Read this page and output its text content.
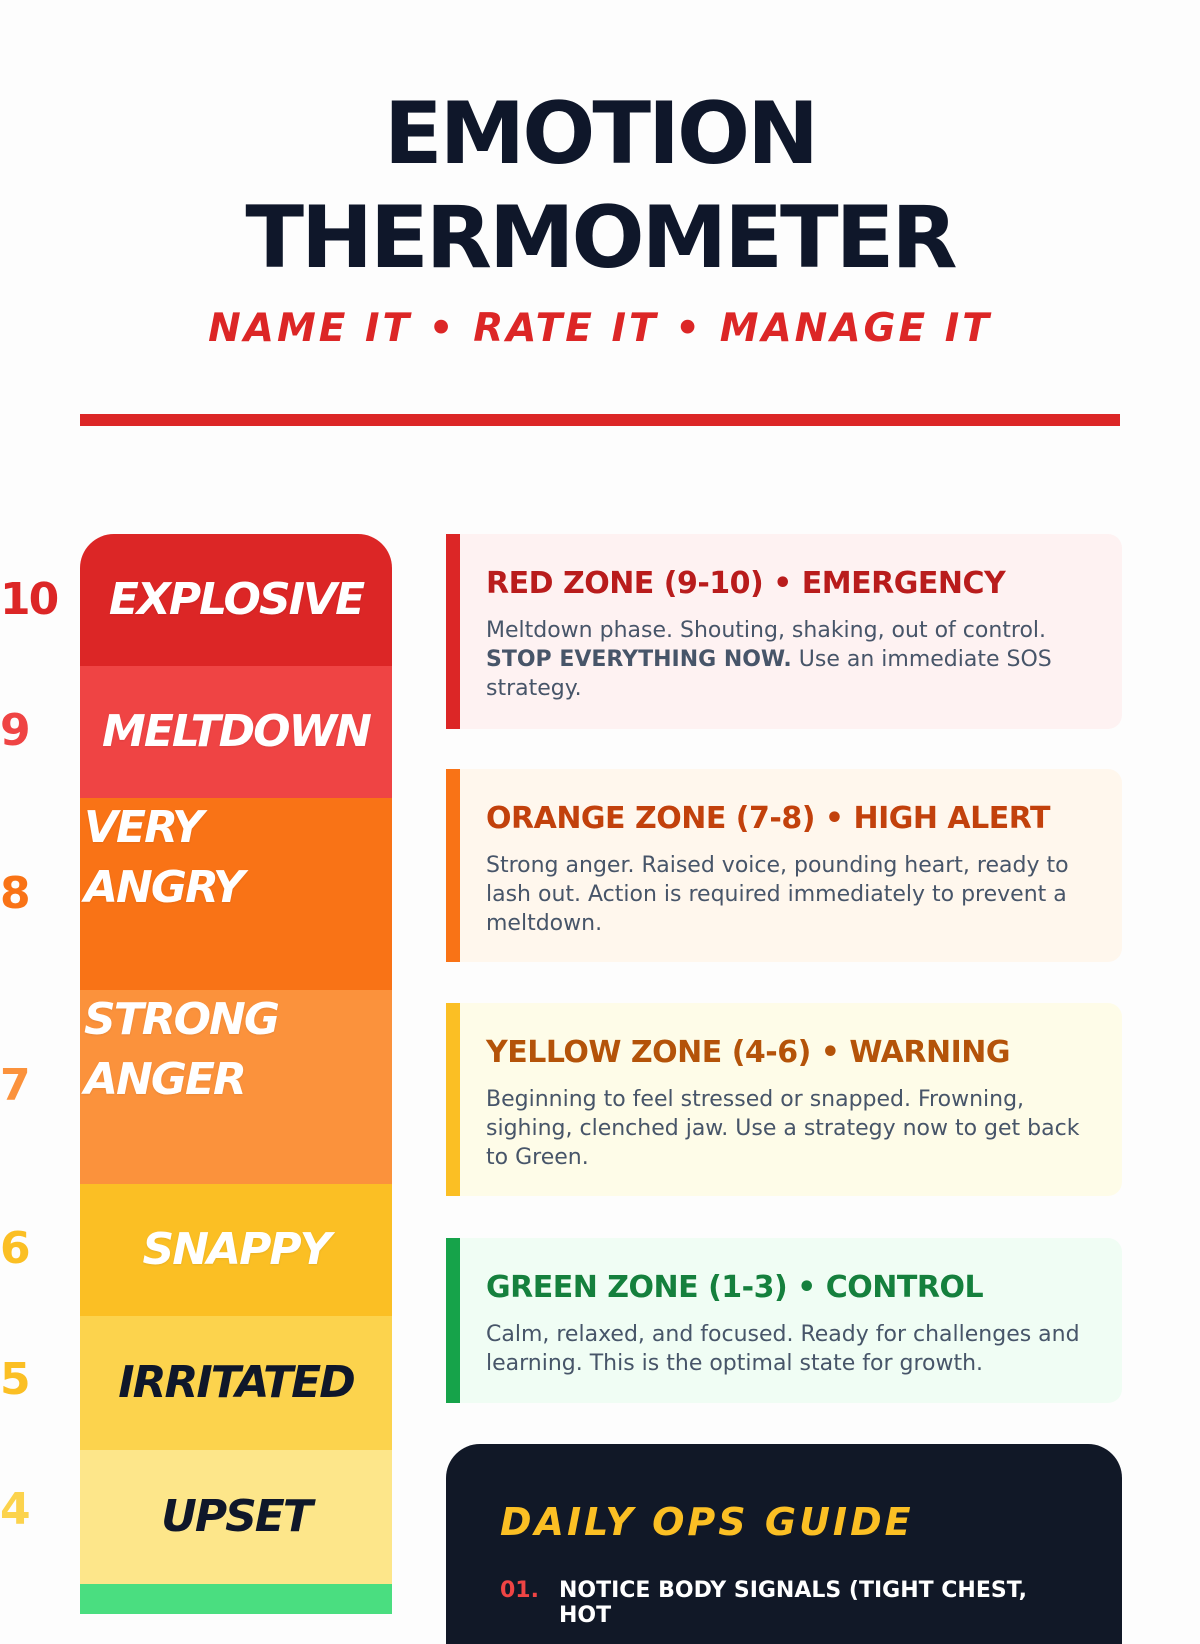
EMOTION
THERMOMETER
NAME IT • RATE IT • MANAGE IT
10
9
8
7
6
5
4
EXPLOSIVE
MELTDOWN
VERY
ANGRY
STRONG
ANGER
SNAPPY
IRRITATED
UPSET
RED ZONE (9-10) • EMERGENCY

Meltdown phase. Shouting, shaking, out of control. STOP EVERYTHING NOW. Use an immediate SOS strategy.

ORANGE ZONE (7-8) • HIGH ALERT

Strong anger. Raised voice, pounding heart, ready to lash out. Action is required immediately to prevent a meltdown.

YELLOW ZONE (4-6) • WARNING

Beginning to feel stressed or snapped. Frowning, sighing, clenched jaw. Use a strategy now to get back to Green.

GREEN ZONE (1-3) • CONTROL

Calm, relaxed, and focused. Ready for challenges and learning. This is the optimal state for growth.

DAILY OPS GUIDE
01. NOTICE BODY SIGNALS (TIGHT CHEST, HOT
